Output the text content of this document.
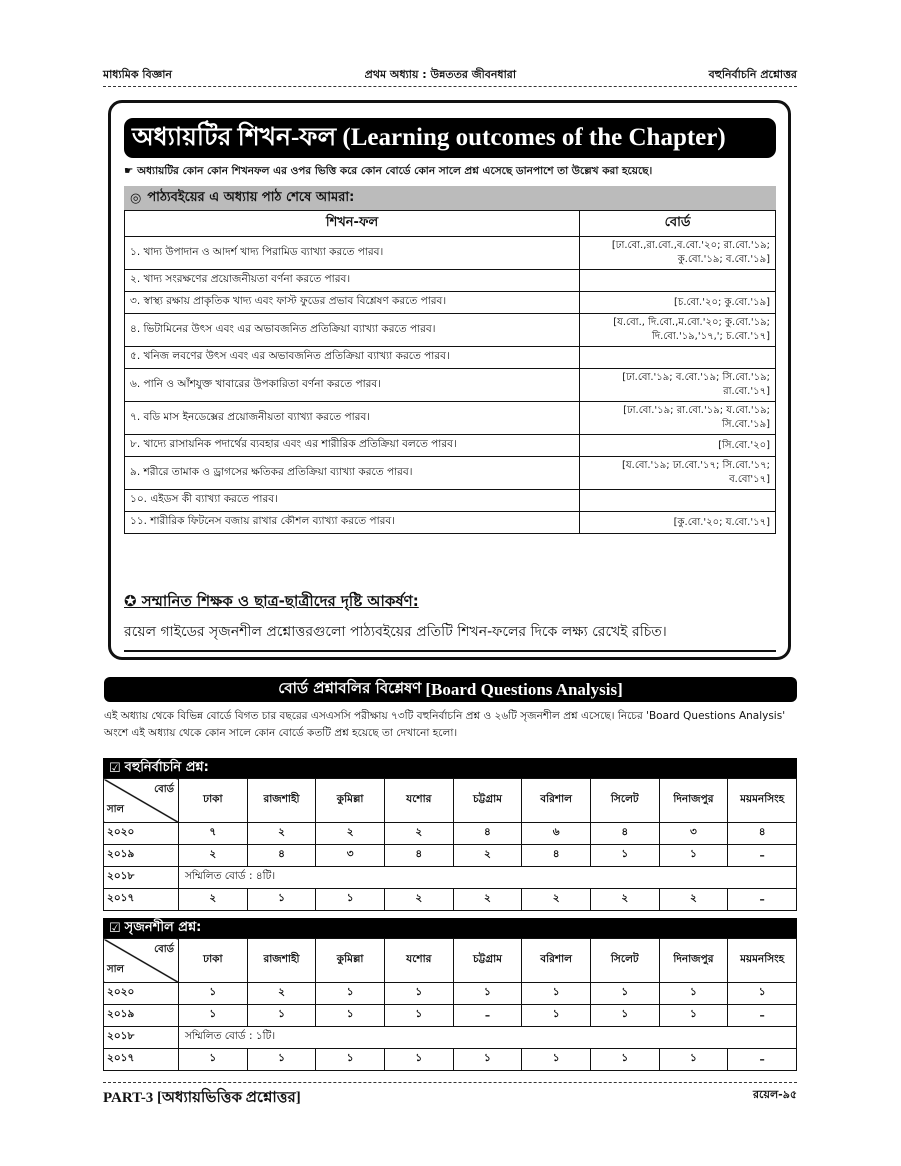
মাধ্যমিক বিজ্ঞান	প্রথম অধ্যায় : উন্নততর জীবনধারা	বহুনির্বাচনি প্রশ্নোত্তর
অধ্যায়টির শিখন-ফল (Learning outcomes of the Chapter)
☛ অধ্যায়টির কোন কোন শিখনফল এর ওপর ভিত্তি করে কোন বোর্ডে কোন সালে প্রশ্ন এসেছে ডানপাশে তা উল্লেখ করা হয়েছে।
◎ পাঠ্যবইয়ের এ অধ্যায় পাঠ শেষে আমরা:
শিখন-ফল	বোর্ড
১. খাদ্য উপাদান ও আদর্শ খাদ্য পিরামিড ব্যাখ্যা করতে পারব।	[ঢা.বো.,রা.বো.,ব.বো.'২০; রা.বো.'১৯; কু.বো.'১৯; ব.বো.'১৯]
২. খাদ্য সংরক্ষণের প্রয়োজনীয়তা বর্ণনা করতে পারব।	
৩. স্বাস্থ্য রক্ষায় প্রাকৃতিক খাদ্য এবং ফাস্ট ফুডের প্রভাব বিশ্লেষণ করতে পারব।	[চ.বো.'২০; কু.বো.'১৯]
৪. ভিটামিনের উৎস এবং এর অভাবজনিত প্রতিক্রিয়া ব্যাখ্যা করতে পারব।	[য.বো., দি.বো.,ম.বো.'২০; কু.বো.'১৯; দি.বো.'১৯,'১৭,'; চ.বো.'১৭]
৫. খনিজ লবণের উৎস এবং এর অভাবজনিত প্রতিক্রিয়া ব্যাখ্যা করতে পারব।	
৬. পানি ও আঁশযুক্ত খাবারের উপকারিতা বর্ণনা করতে পারব।	[ঢা.বো.'১৯; ব.বো.'১৯; সি.বো.'১৯; রা.বো.'১৭]
৭. বডি মাস ইনডেক্সের প্রয়োজনীয়তা ব্যাখ্যা করতে পারব।	[ঢা.বো.'১৯; রা.বো.'১৯; য.বো.'১৯; সি.বো.'১৯]
৮. খাদ্যে রাসায়নিক পদার্থের ব্যবহার এবং এর শারীরিক প্রতিক্রিয়া বলতে পারব।	[সি.বো.'২০]
৯. শরীরে তামাক ও ড্রাগসের ক্ষতিকর প্রতিক্রিয়া ব্যাখ্যা করতে পারব।	[য.বো.'১৯; ঢা.বো.'১৭; সি.বো.'১৭; ব.বো'১৭]
১০. এইডস কী ব্যাখ্যা করতে পারব।	
১১. শারীরিক ফিটনেস বজায় রাখার কৌশল ব্যাখ্যা করতে পারব।	[কু.বো.'২০; য.বো.'১৭]
✪ সম্মানিত শিক্ষক ও ছাত্র-ছাত্রীদের দৃষ্টি আকর্ষণ:
রয়েল গাইডের সৃজনশীল প্রশ্নোত্তরগুলো পাঠ্যবইয়ের প্রতিটি শিখন-ফলের দিকে লক্ষ্য রেখেই রচিত।
বোর্ড প্রশ্নাবলির বিশ্লেষণ [Board Questions Analysis]
এই অধ্যায় থেকে বিভিন্ন বোর্ডে বিগত চার বছরের এসএসসি পরীক্ষায় ৭৩টি বহুনির্বাচনি প্রশ্ন ও ২৬টি সৃজনশীল প্রশ্ন এসেছে। নিচের 'Board Questions Analysis' অংশে এই অধ্যায় থেকে কোন সালে কোন বোর্ডে কতটি প্রশ্ন হয়েছে তা দেখানো হলো।
☑ বহুনির্বাচনি প্রশ্ন:
বোর্ড
সাল	ঢাকা	রাজশাহী	কুমিল্লা	যশোর	চট্টগ্রাম	বরিশাল	সিলেট	দিনাজপুর	ময়মনসিংহ
২০২০	৭	২	২	২	৪	৬	৪	৩	৪
২০১৯	২	৪	৩	৪	২	৪	১	১	–
২০১৮	সম্মিলিত বোর্ড : ৪টি।								
২০১৭	২	১	১	২	২	২	২	২	–
☑ সৃজনশীল প্রশ্ন:
বোর্ড
সাল	ঢাকা	রাজশাহী	কুমিল্লা	যশোর	চট্টগ্রাম	বরিশাল	সিলেট	দিনাজপুর	ময়মনসিংহ
২০২০	১	২	১	১	১	১	১	১	১
২০১৯	১	১	১	১	–	১	১	১	–
২০১৮	সম্মিলিত বোর্ড : ১টি।								
২০১৭	১	১	১	১	১	১	১	১	–
PART-3 [অধ্যায়ভিত্তিক প্রশ্নোত্তর]	রয়েল-৯৫
